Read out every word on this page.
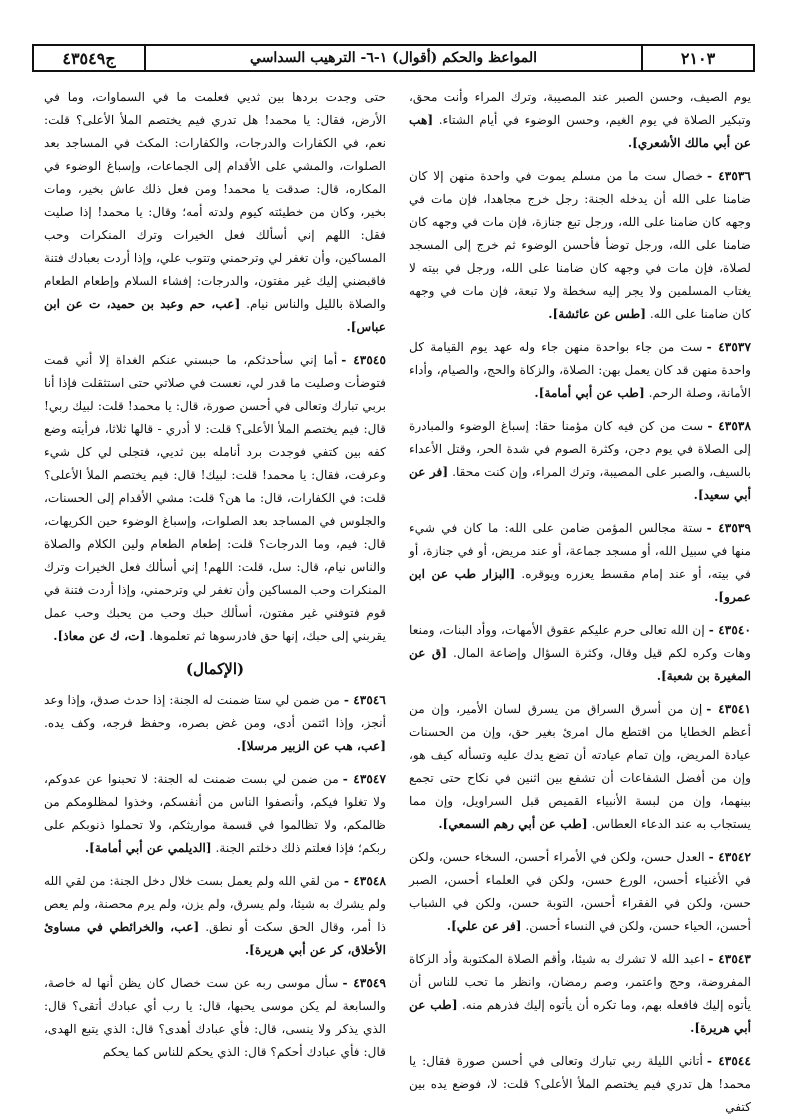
٢١٠٣
المواعظ والحكم (أقوال) ١-٦- الترهيب السداسي
ج٤٣٥٤٩

يوم الصيف، وحسن الصبر عند المصيبة، وترك المراء وأنت محق، وتبكير الصلاة في يوم الغيم، وحسن الوضوء في أيام الشتاء. [هب عن أبي مالك الأشعري].

٤٣٥٣٦ -خصال ست ما من مسلم يموت في واحدة منهن إلا كان ضامنا على الله أن يدخله الجنة: رجل خرج مجاهدا، فإن مات في وجهه كان ضامنا على الله، ورجل تبع جنازة، فإن مات في وجهه كان ضامنا على الله، ورجل توضأ فأحسن الوضوء ثم خرج إلى المسجد لصلاة، فإن مات في وجهه كان ضامنا على الله، ورجل في بيته لا يغتاب المسلمين ولا يجر إليه سخطة ولا تبعة، فإن مات في وجهه كان ضامنا على الله. [طس عن عائشة].

٤٣٥٣٧ -ست من جاء بواحدة منهن جاء وله عهد يوم القيامة كل واحدة منهن قد كان يعمل بهن: الصلاة، والزكاة والحج، والصيام، وأداء الأمانة، وصلة الرحم. [طب عن أبي أمامة].

٤٣٥٣٨ -ست من كن فيه كان مؤمنا حقا: إسباغ الوضوء والمبادرة إلى الصلاة في يوم دجن، وكثرة الصوم في شدة الحر، وقتل الأعداء بالسيف، والصبر على المصيبة، وترك المراء، وإن كنت محقا. [فر عن أبي سعيد].

٤٣٥٣٩ -ستة مجالس المؤمن ضامن على الله: ما كان في شيء منها في سبيل الله، أو مسجد جماعة، أو عند مريض، أو في جنازة، أو في بيته، أو عند إمام مقسط يعزره ويوقره. [البزار طب عن ابن عمرو].

٤٣٥٤٠ -إن الله تعالى حرم عليكم عقوق الأمهات، ووأد البنات، ومنعا وهات وكره لكم قيل وقال، وكثرة السؤال وإضاعة المال. [ق عن المغيرة بن شعبة].

٤٣٥٤١ -إن من أسرق السراق من يسرق لسان الأمير، وإن من أعظم الخطايا من اقتطع مال امرئ بغير حق، وإن من الحسنات عيادة المريض، وإن تمام عيادته أن تضع يدك عليه وتسأله كيف هو، وإن من أفضل الشفاعات أن تشفع بين اثنين في نكاح حتى تجمع بينهما، وإن من لبسة الأنبياء القميص قبل السراويل، وإن مما يستجاب به عند الدعاء العطاس. [طب عن أبي رهم السمعي].

٤٣٥٤٢ -العدل حسن، ولكن في الأمراء أحسن، السخاء حسن، ولكن في الأغنياء أحسن، الورع حسن، ولكن في العلماء أحسن، الصبر حسن، ولكن في الفقراء أحسن، التوبة حسن، ولكن في الشباب أحسن، الحياء حسن، ولكن في النساء أحسن. [فر عن علي].

٤٣٥٤٣ -اعبد الله لا تشرك به شيئا، وأقم الصلاة المكتوبة وأد الزكاة المفروضة، وحج واعتمر، وصم رمضان، وانظر ما تحب للناس أن يأتوه إليك فافعله بهم، وما تكره أن يأتوه إليك فذرهم منه. [طب عن أبي هريرة].

٤٣٥٤٤ -أتاني الليلة ربي تبارك وتعالى في أحسن صورة فقال: يا محمد! هل تدري فيم يختصم الملأ الأعلى؟ قلت: لا، فوضع يده بين كتفي

حتى وجدت بردها بين ثديي فعلمت ما في السماوات، وما في الأرض، فقال: يا محمد! هل تدري فيم يختصم الملأ الأعلى؟ قلت: نعم، في الكفارات والدرجات، والكفارات: المكث في المساجد بعد الصلوات، والمشي على الأقدام إلى الجماعات، وإسباغ الوضوء في المكاره، قال: صدقت يا محمد! ومن فعل ذلك عاش بخير، ومات بخير، وكان من خطيئته كيوم ولدته أمه؛ وقال: يا محمد! إذا صليت فقل: اللهم إني أسألك فعل الخيرات وترك المنكرات وحب المساكين، وأن تغفر لي وترحمني وتتوب علي، وإذا أردت بعبادك فتنة فاقبضني إليك غير مفتون، والدرجات: إفشاء السلام وإطعام الطعام والصلاة بالليل والناس نيام. [عب، حم وعبد بن حميد، ت عن ابن عباس].

٤٣٥٤٥ -أما إني سأحدثكم، ما حبسني عنكم الغداة إلا أني قمت فتوضأت وصليت ما قدر لي، نعست في صلاتي حتى استثقلت فإذا أنا بربي تبارك وتعالى في أحسن صورة، قال: يا محمد! قلت: لبيك ربي! قال: فيم يختصم الملأ الأعلى؟ قلت: لا أدري - قالها ثلاثا، فرأيته وضع كفه بين كتفي فوجدت برد أنامله بين ثديي، فتجلى لي كل شيء وعرفت، فقال: يا محمد! قلت: لبيك! قال: فيم يختصم الملأ الأعلى؟ قلت: في الكفارات، قال: ما هن؟ قلت: مشي الأقدام إلى الحسنات، والجلوس في المساجد بعد الصلوات، وإسباغ الوضوء حين الكريهات، قال: فيم، وما الدرجات؟ قلت: إطعام الطعام ولين الكلام والصلاة والناس نيام، قال: سل، قلت: اللهم! إني أسألك فعل الخيرات وترك المنكرات وحب المساكين وأن تغفر لي وترحمني، وإذا أردت فتنة في قوم فتوفني غير مفتون، أسألك حبك وحب من يحبك وحب عمل يقربني إلى حبك، إنها حق فادرسوها ثم تعلموها. [ت، ك عن معاذ].

(الإكمال)

٤٣٥٤٦ -من ضمن لي ستا ضمنت له الجنة: إذا حدث صدق، وإذا وعد أنجز، وإذا ائتمن أدى، ومن غض بصره، وحفظ فرجه، وكف يده. [عب، هب عن الزبير مرسلا].

٤٣٥٤٧ -من ضمن لي بست ضمنت له الجنة: لا تحبنوا عن عدوكم، ولا تغلوا فيكم، وأنصفوا الناس من أنفسكم، وخذوا لمظلومكم من ظالمكم، ولا تظالموا في قسمة مواريثكم، ولا تحملوا ذنوبكم على ربكم؛ فإذا فعلتم ذلك دخلتم الجنة. [الديلمي عن أبي أمامة].

٤٣٥٤٨ -من لقي الله ولم يعمل بست خلال دخل الجنة: من لقي الله ولم يشرك به شيئا، ولم يسرق، ولم يزن، ولم يرم محصنة، ولم يعص ذا أمر، وقال الحق سكت أو نطق. [عب، والخرائطي في مساوئ الأخلاق، كر عن أبي هريرة].

٤٣٥٤٩ -سأل موسى ربه عن ست خصال كان يظن أنها له خاصة، والسابعة لم يكن موسى يحبها، قال: يا رب أي عبادك أتقى؟ قال: الذي يذكر ولا ينسى، قال: فأي عبادك أهدى؟ قال: الذي يتبع الهدى، قال: فأي عبادك أحكم؟ قال: الذي يحكم للناس كما يحكم
